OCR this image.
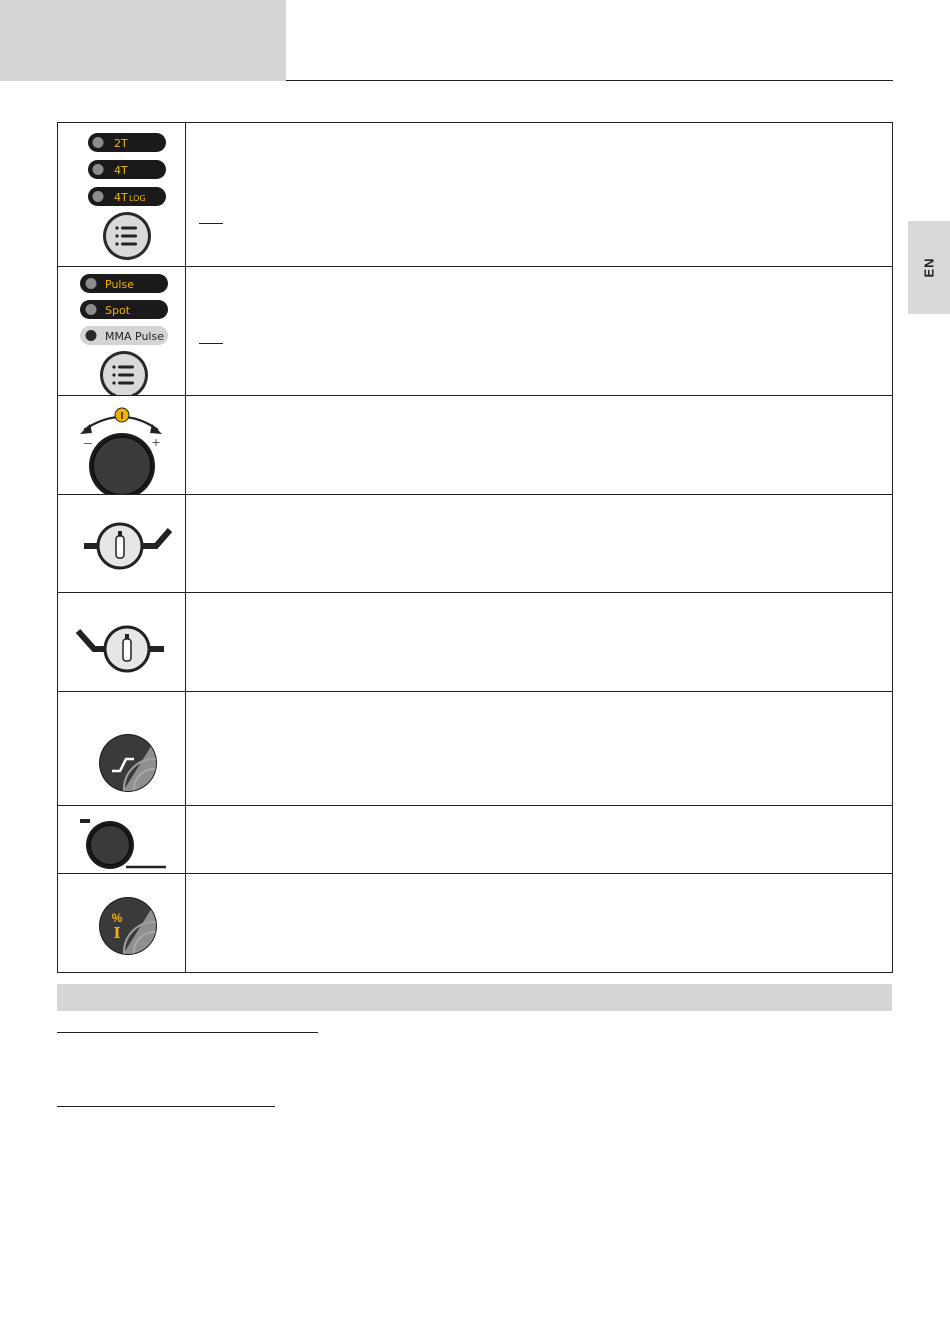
EN
2T
4T
4T LOG	

Pulse
Spot
MMA Pulse	

I
– +	

%
I	
